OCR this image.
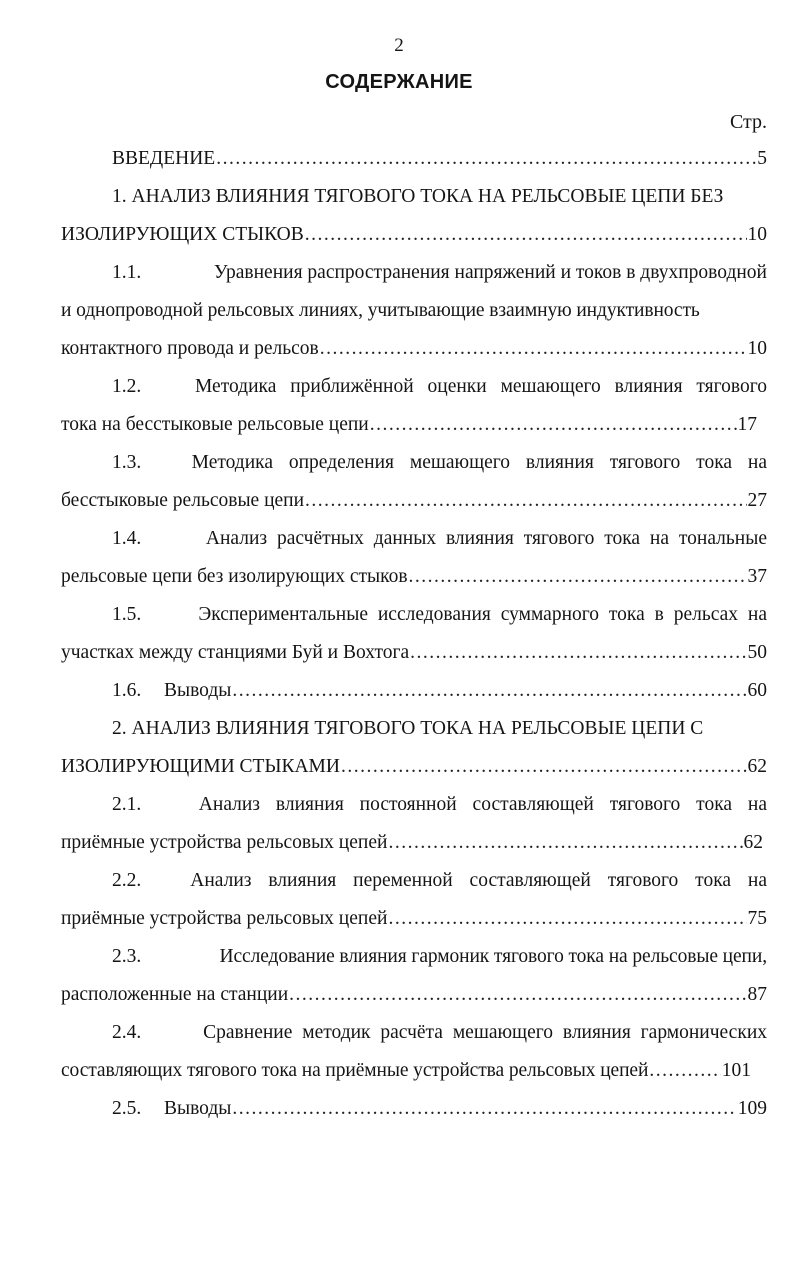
2
СОДЕРЖАНИЕ
Стр.
ВВЕДЕНИЕ .....	5
1. АНАЛИЗ ВЛИЯНИЯ ТЯГОВОГО ТОКА НА РЕЛЬСОВЫЕ ЦЕПИ БЕЗ
ИЗОЛИРУЮЩИХ СТЫКОВ .....	10
1.1.	Уравнения распространения напряжений и токов в двухпроводной
и однопроводной рельсовых линиях, учитывающие взаимную индуктивность
контактного провода и рельсов .....	10
1.2.	Методика приближённой оценки мешающего влияния тягового
тока на бесстыковые рельсовые цепи .....	17
1.3.	Методика определения мешающего влияния тягового тока на
бесстыковые рельсовые цепи .....	27
1.4.	Анализ расчётных данных влияния тягового тока на тональные
рельсовые цепи без изолирующих стыков .....	37
1.5.	Экспериментальные исследования суммарного тока в рельсах на
участках между станциями Буй и Вохтога .....	50
1.6.	Выводы .....	60
2. АНАЛИЗ ВЛИЯНИЯ ТЯГОВОГО ТОКА НА РЕЛЬСОВЫЕ ЦЕПИ С
ИЗОЛИРУЮЩИМИ СТЫКАМИ .....	62
2.1.	Анализ влияния постоянной составляющей тягового тока на
приёмные устройства рельсовых цепей .....	62
2.2.	Анализ влияния переменной составляющей тягового тока на
приёмные устройства рельсовых цепей .....	75
2.3.	Исследование влияния гармоник тягового тока на рельсовые цепи,
расположенные на станции .....	87
2.4.	Сравнение методик расчёта мешающего влияния гармонических
составляющих тягового тока на приёмные устройства рельсовых цепей .....	101
2.5.	Выводы .....	109
